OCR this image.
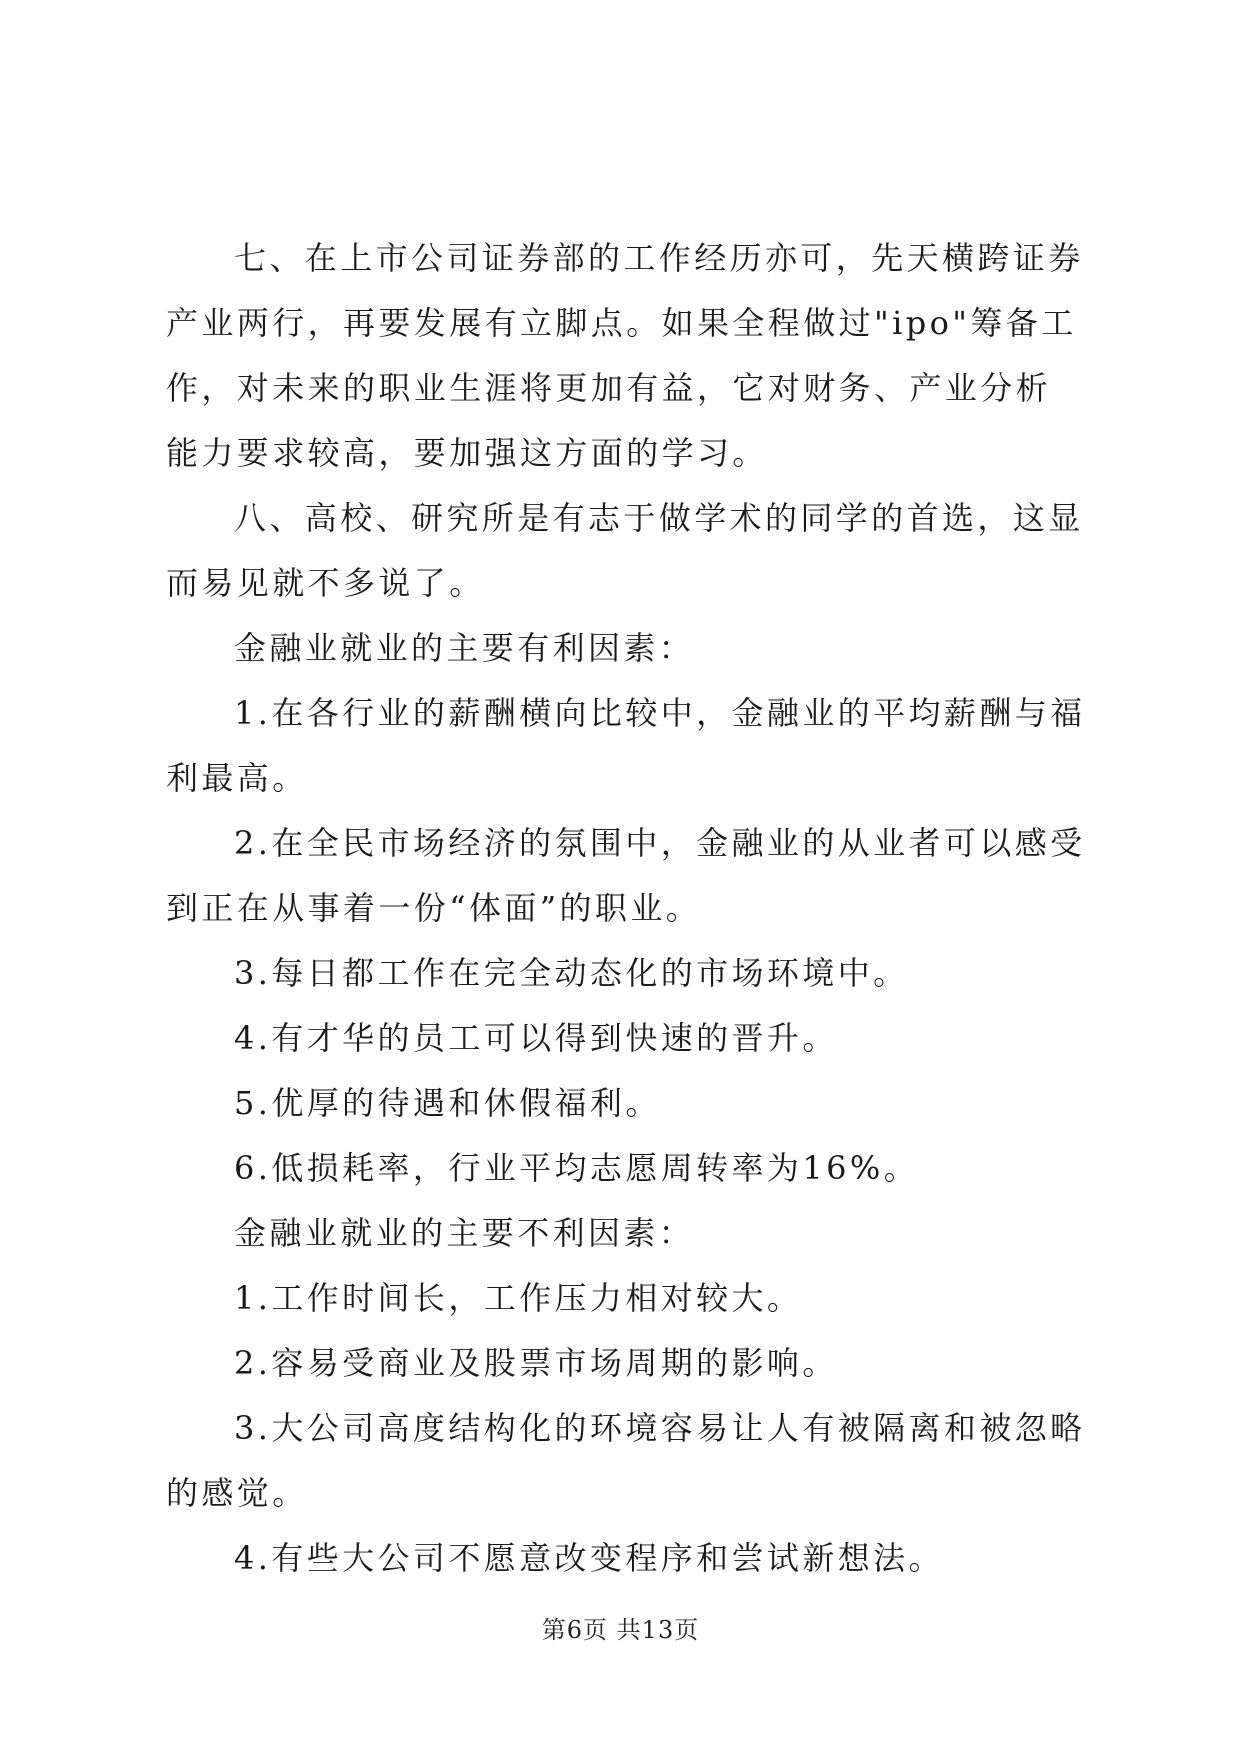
七、在上市公司证券部的工作经历亦可，先天横跨证券产业两行，再要发展有立脚点。如果全程做过"ipo"筹备工作，对未来的职业生涯将更加有益，它对财务、产业分析能力要求较高，要加强这方面的学习。

八、高校、研究所是有志于做学术的同学的首选，这显而易见就不多说了。

金融业就业的主要有利因素：

1.在各行业的薪酬横向比较中，金融业的平均薪酬与福利最高。

2.在全民市场经济的氛围中，金融业的从业者可以感受到正在从事着一份“体面”的职业。

3.每日都工作在完全动态化的市场环境中。

4.有才华的员工可以得到快速的晋升。

5.优厚的待遇和休假福利。

6.低损耗率，行业平均志愿周转率为16%。

金融业就业的主要不利因素：

1.工作时间长，工作压力相对较大。

2.容易受商业及股票市场周期的影响。

3.大公司高度结构化的环境容易让人有被隔离和被忽略的感觉。

4.有些大公司不愿意改变程序和尝试新想法。

第6页 共13页
